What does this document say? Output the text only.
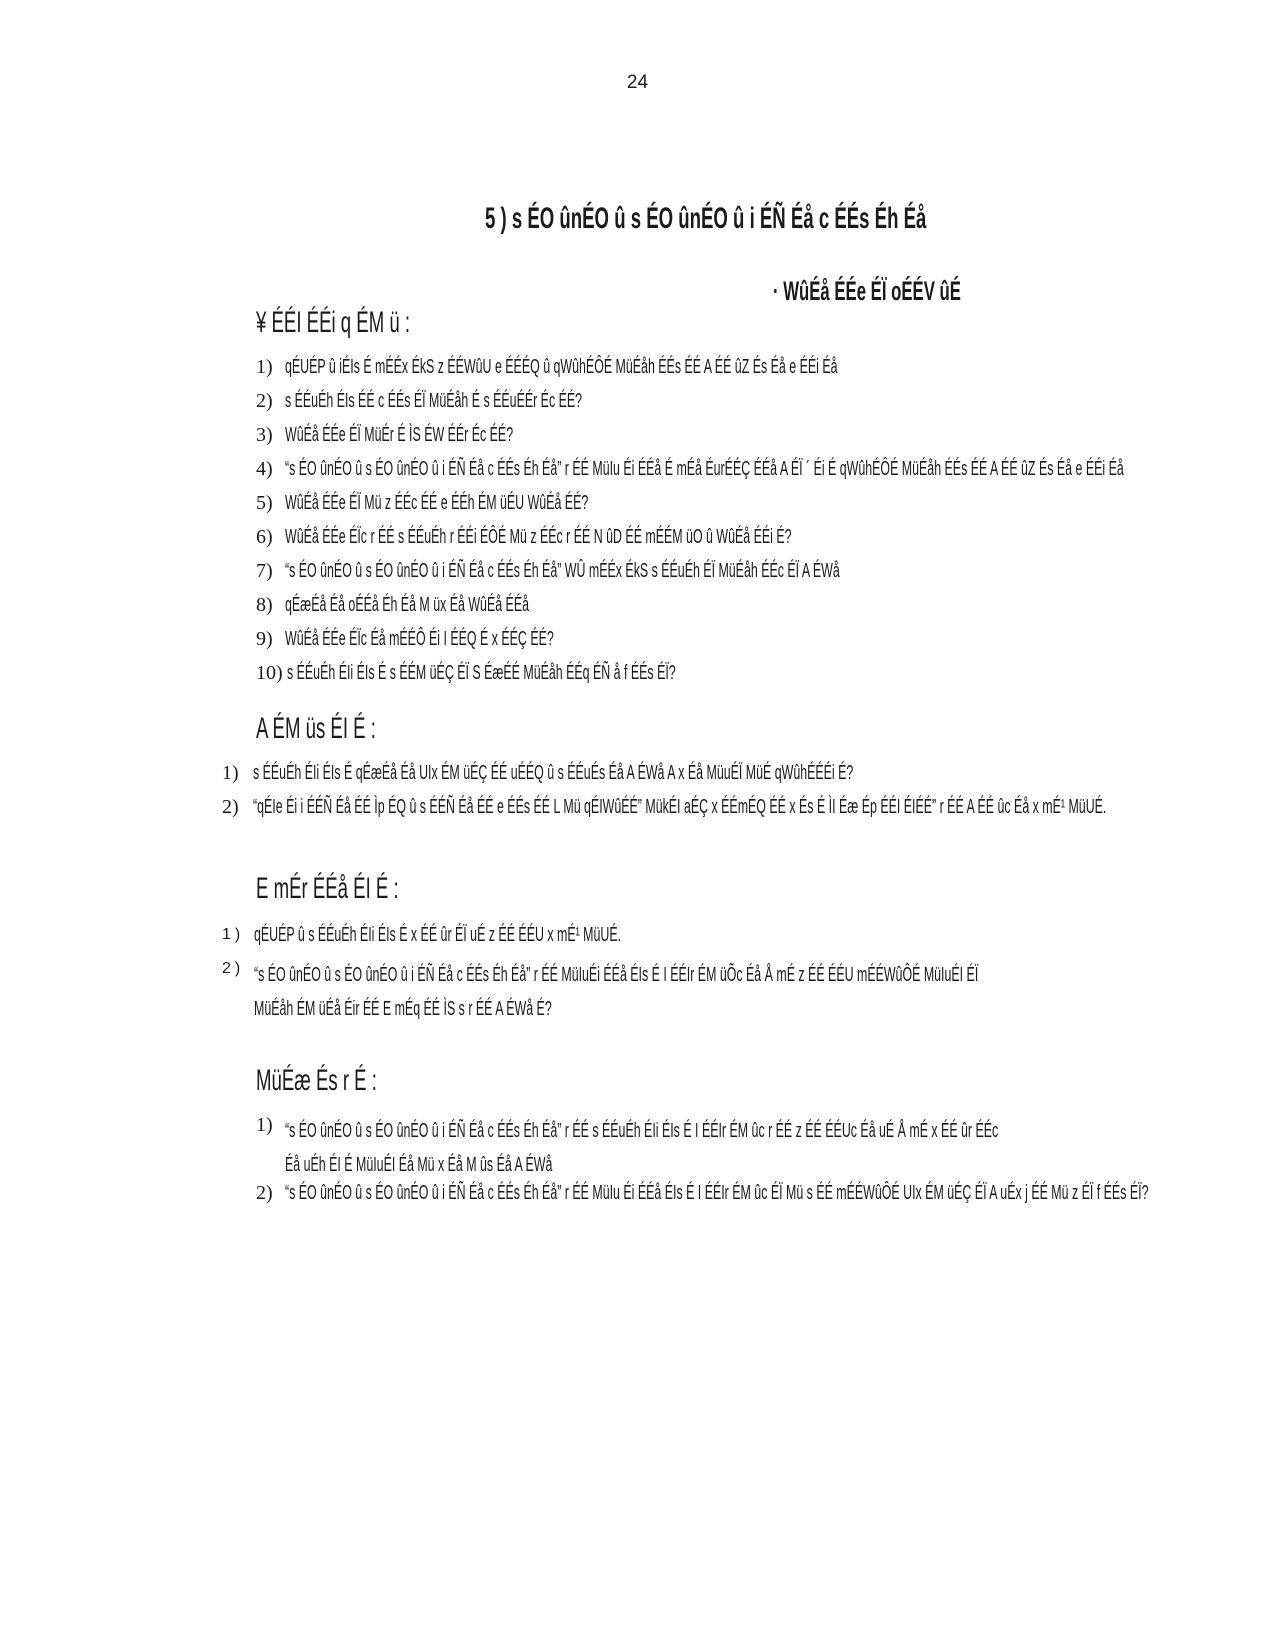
24
5 ) s ÉO ûnÉO û s ÉO ûnÉO û i ÉÑ Éå c ÉÉs Éh Éå
· WûÉå ÉÉe ÉÏ oÉÉV ûÉ
¥ ÉÉI ÉÉi q ÉM ü :
1) qÉUÉP û iÉIs É mÉÉx ÉkS z ÉÉWûU e ÉÉÉQ û qWûhÉÔÉ MüÉåh ÉÉs ÉÉ A ÉÉ ûZ És Éå e ÉÉi Éå
2) s ÉÉuÉh ÉIs ÉÉ c ÉÉs ÉÏ MüÉåh É s ÉÉuÉÉr Éc ÉÉ?
3) WûÉå ÉÉe ÉÏ MüÉr É ÌS ÉW ÉÉr Éc ÉÉ?
4) “s ÉO ûnÉO û s ÉO ûnÉO û i ÉÑ Éå c ÉÉs Éh Éå” r ÉÉ MüIu Éi ÉÉå É mÉå ÉurÉÉÇ ÉÉå A ÉÏ ´ Éi É qWûhÉÔÉ MüÉåh ÉÉs ÉÉ A ÉÉ ûZ És Éå e ÉÉi Éå
5) WûÉå ÉÉe ÉÏ Mü z ÉÉc ÉÉ e ÉÉh ÉM üÉU WûÉå ÉÉ?
6) WûÉå ÉÉe ÉÏc r ÉÉ s ÉÉuÉh r ÉÉi ÉÔÉ Mü z ÉÉc r ÉÉ N ûD ÉÉ mÉÉM üO û WûÉå ÉÉi É?
7) “s ÉO ûnÉO û s ÉO ûnÉO û i ÉÑ Éå c ÉÉs Éh Éå” WÛ mÉÉx ÉkS s ÉÉuÉh ÉÏ MüÉåh ÉÉc ÉÏ A ÉWå
8) qÉæÉå Éå oÉÉå Éh Éå M üx Éå WûÉå ÉÉå
9) WûÉå ÉÉe ÉÏc Éå mÉÉÔ Éi I ÉÉQ É x ÉÉÇ ÉÉ?
10) s ÉÉuÉh ÉIi ÉIs É s ÉÉM üÉÇ ÉÏ S ÉæÉÉ MüÉåh ÉÉq ÉÑ å f ÉÉs ÉÏ?
A ÉM üs ÉI É :
1) s ÉÉuÉh ÉIi ÉIs É qÉæÉå Éå UIx ÉM üÉÇ ÉÉ uÉÉQ û s ÉÉuÉs Éå A ÉWå A x Éå MüuÉÏ MüÉ qWûhÉÉÉi É?
2) “qÉIe Éi i ÉÉÑ Éå ÉÉ Ìp ÉQ û s ÉÉÑ Éå ÉÉ e ÉÉs ÉÉ L Mü qÉIWûÉÉ” MükÉI aÉÇ x ÉÉmÉQ ÉÉ x És É ÌI Éæ Ép ÉÉI ÉIÉÉ” r ÉÉ A ÉÉ ûc Éå x mÉ¹ MüUÉ.
E mÉr ÉÉå ÉI É :
1) qÉUÉP û s ÉÉuÉh ÉIi ÉIs É x ÉÉ ûr ÉÏ uÉ z ÉÉ ÉÉU x mÉ¹ MüUÉ.
2) “s ÉO ûnÉO û s ÉO ûnÉO û i ÉÑ Éå c ÉÉs Éh Éå” r ÉÉ MüIuÉi ÉÉå ÉIs É I ÉÉIr ÉM üÕc Éå Å mÉ z ÉÉ ÉÉU mÉÉWûÔÉ MüIuÉI ÉÏ MüÉåh ÉM üÉå Éir ÉÉ E mÉq ÉÉ ÌS s r ÉÉ A ÉWå É?
MüÉæ És r É :
1) “s ÉO ûnÉO û s ÉO ûnÉO û i ÉÑ Éå c ÉÉs Éh Éå” r ÉÉ s ÉÉuÉh ÉIi ÉIs É I ÉÉIr ÉM ûc r ÉÉ z ÉÉ ÉÉUc Éå uÉ Å mÉ x ÉÉ ûr ÉÉc Éå uÉh ÉI É MüIuÉI Éå Mü x Éå M ûs Éå A ÉWå
2) “s ÉO ûnÉO û s ÉO ûnÉO û i ÉÑ Éå c ÉÉs Éh Éå” r ÉÉ MüIu Éi ÉÉå ÉIs É I ÉÉIr ÉM ûc ÉÏ Mü s ÉÉ mÉÉWûÔÉ UIx ÉM üÉÇ ÉÏ A uÉx j ÉÉ Mü z ÉÏ f ÉÉs ÉÏ?
